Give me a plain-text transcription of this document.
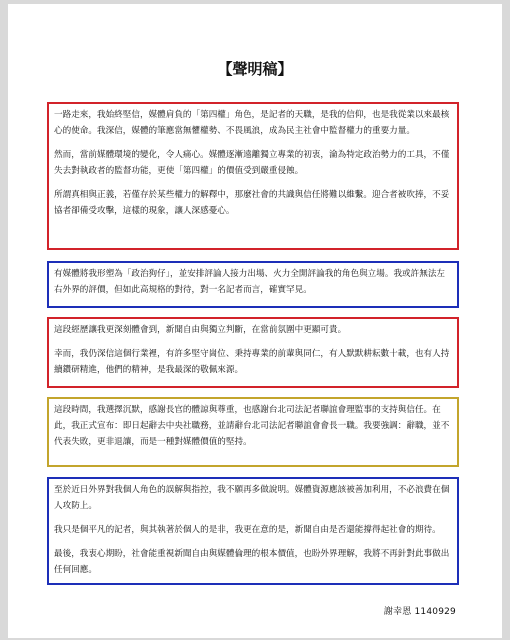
【聲明稿】

一路走來，我始終堅信，媒體肩負的「第四權」角色，是記者的天職，是我的信仰，也是我從業以來最核心的使命。我深信，媒體的筆應當無懼權勢、不畏風浪，成為民主社會中監督權力的重要力量。

然而，當前媒體環境的變化，令人痛心。媒體逐漸遠離獨立專業的初衷，淪為特定政治勢力的工具，不僅失去對執政者的監督功能，更使「第四權」的價值受到嚴重侵蝕。

所謂真相與正義，若僅存於某些權力的解釋中，那麼社會的共識與信任將難以維繫。迎合者被吹捧，不妥協者卻備受攻擊，這樣的現象，讓人深感憂心。

有媒體將我形塑為「政治狗仔」，並安排評論人接力出場、火力全開評論我的角色與立場。我或許無法左右外界的評價，但如此高規格的對待，對一名記者而言，確實罕見。

這段經歷讓我更深刻體會到，新聞自由與獨立判斷，在當前氛圍中更顯可貴。

幸而，我仍深信這個行業裡，有許多堅守崗位、秉持專業的前輩與同仁，有人默默耕耘數十載，也有人持續鑽研精進，他們的精神，是我最深的敬佩來源。

這段時間，我選擇沉默，感謝長官的體諒與尊重，也感謝台北司法記者聯誼會理監事的支持與信任。在此，我正式宣布：即日起辭去中央社職務，並請辭台北司法記者聯誼會會長一職。我要強調：辭職，並不代表失敗，更非退讓，而是一種對媒體價值的堅持。

至於近日外界對我個人角色的誤解與指控，我不願再多做說明。媒體資源應該被善加利用，不必浪費在個人攻防上。

我只是個平凡的記者，與其執著於個人的是非，我更在意的是，新聞自由是否還能撐得起社會的期待。

最後，我衷心期盼，社會能重視新聞自由與媒體倫理的根本價值，也盼外界理解，我將不再針對此事做出任何回應。

謝幸恩 1140929
